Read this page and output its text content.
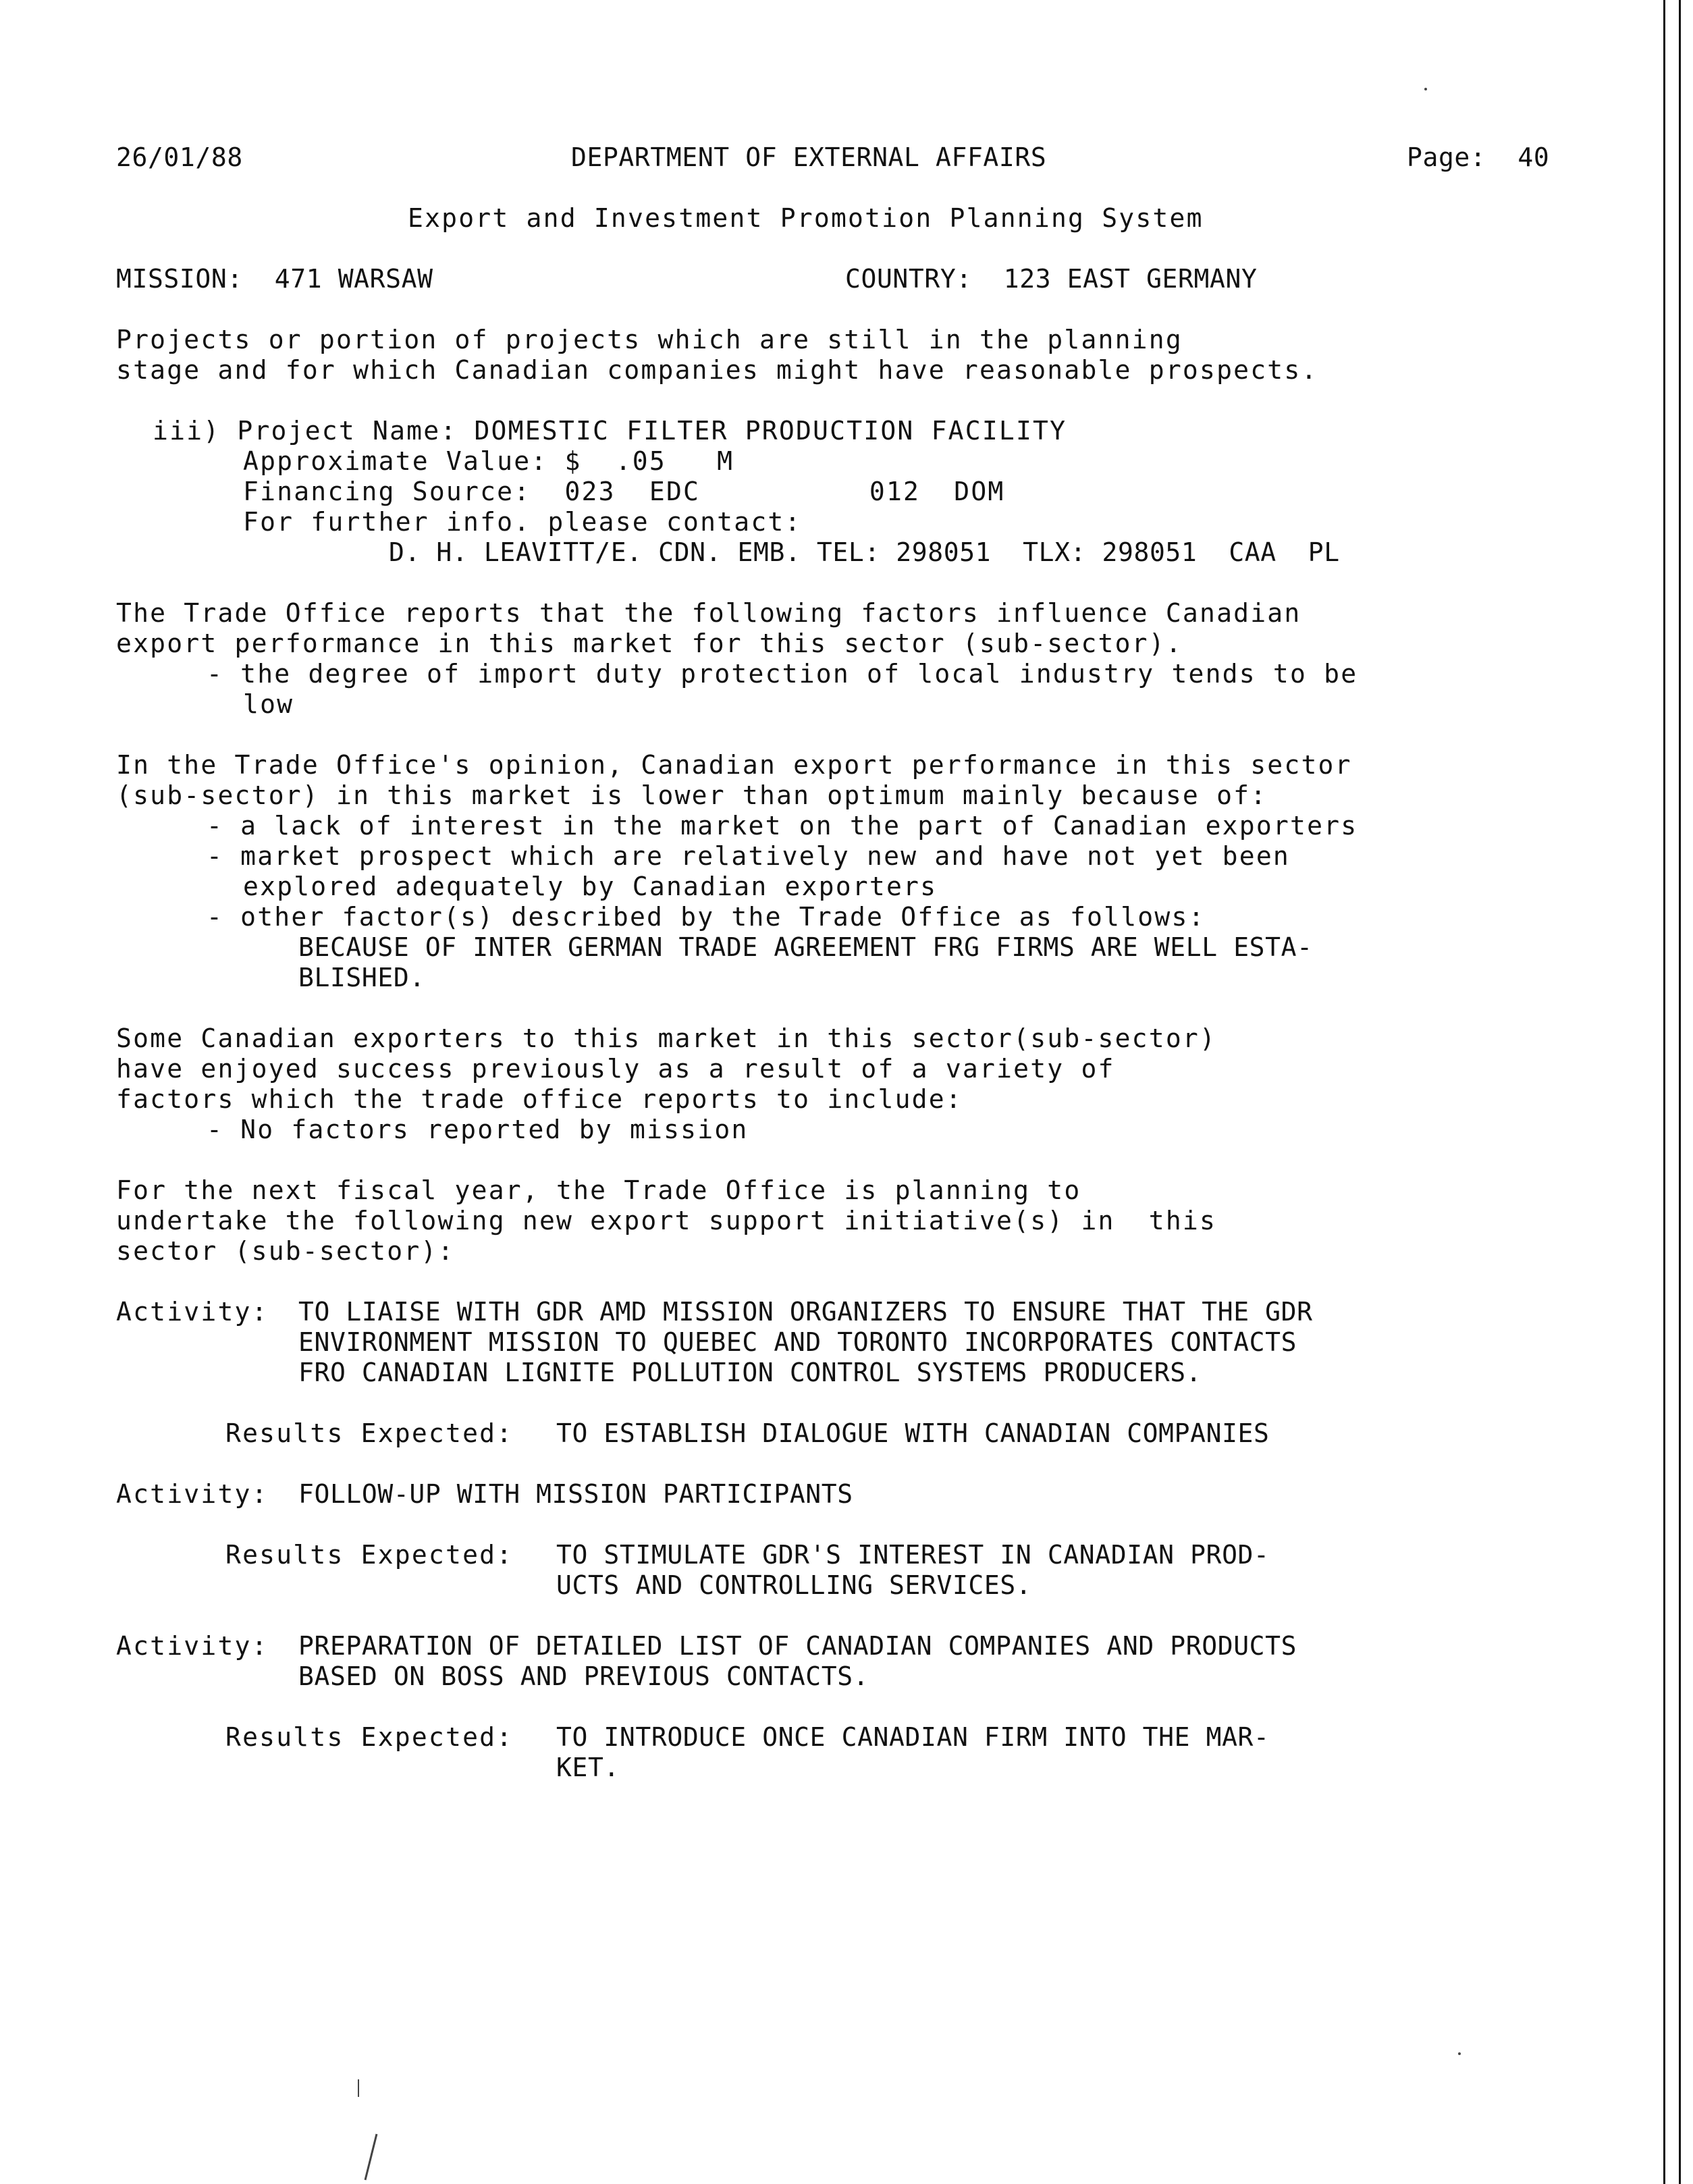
26/01/88	DEPARTMENT OF EXTERNAL AFFAIRS	Page:  40
Export and Investment Promotion Planning System
MISSION:  471 WARSAW	COUNTRY:  123 EAST GERMANY
Projects or portion of projects which are still in the planning
stage and for which Canadian companies might have reasonable prospects.
iii) Project Name: DOMESTIC FILTER PRODUCTION FACILITY
Approximate Value: $  .05   M
Financing Source:  023  EDC          012  DOM
For further info. please contact:
D. H. LEAVITT/E. CDN. EMB. TEL: 298051  TLX: 298051  CAA  PL
The Trade Office reports that the following factors influence Canadian
export performance in this market for this sector (sub-sector).
- the degree of import duty protection of local industry tends to be
low
In the Trade Office's opinion, Canadian export performance in this sector
(sub-sector) in this market is lower than optimum mainly because of:
- a lack of interest in the market on the part of Canadian exporters
- market prospect which are relatively new and have not yet been
explored adequately by Canadian exporters
- other factor(s) described by the Trade Office as follows:
BECAUSE OF INTER GERMAN TRADE AGREEMENT FRG FIRMS ARE WELL ESTA-
BLISHED.
Some Canadian exporters to this market in this sector(sub-sector)
have enjoyed success previously as a result of a variety of
factors which the trade office reports to include:
- No factors reported by mission
For the next fiscal year, the Trade Office is planning to
undertake the following new export support initiative(s) in  this
sector (sub-sector):
Activity: TO LIAISE WITH GDR AMD MISSION ORGANIZERS TO ENSURE THAT THE GDR
ENVIRONMENT MISSION TO QUEBEC AND TORONTO INCORPORATES CONTACTS
FRO CANADIAN LIGNITE POLLUTION CONTROL SYSTEMS PRODUCERS.
Results Expected: TO ESTABLISH DIALOGUE WITH CANADIAN COMPANIES
Activity: FOLLOW-UP WITH MISSION PARTICIPANTS
Results Expected: TO STIMULATE GDR'S INTEREST IN CANADIAN PROD-
UCTS AND CONTROLLING SERVICES.
Activity: PREPARATION OF DETAILED LIST OF CANADIAN COMPANIES AND PRODUCTS
BASED ON BOSS AND PREVIOUS CONTACTS.
Results Expected: TO INTRODUCE ONCE CANADIAN FIRM INTO THE MAR-
KET.
